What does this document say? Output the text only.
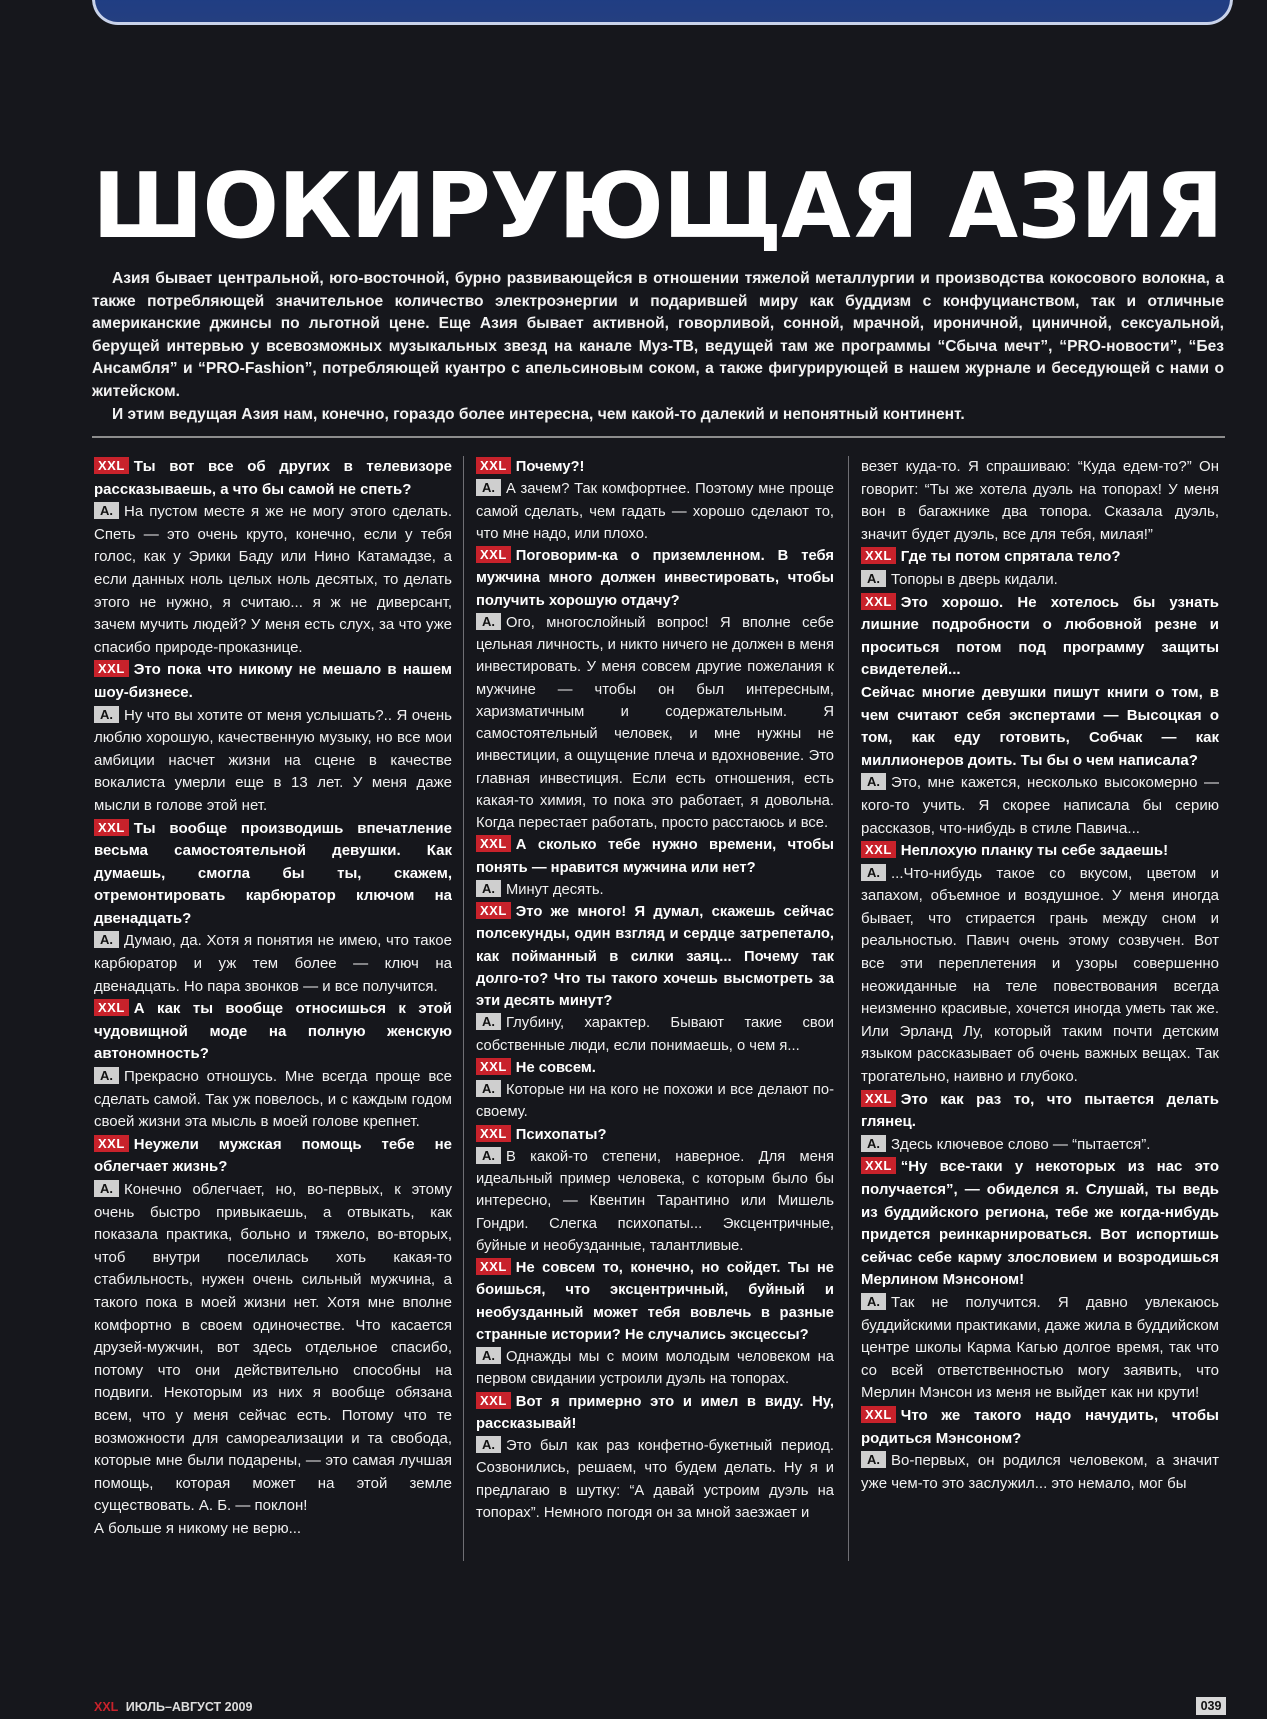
ШОКИРУЮЩАЯ АЗИЯ

Азия бывает центральной, юго-восточной, бурно развивающейся в отношении тяжелой металлургии и производства кокосового волокна, а также потребляющей значительное количество электроэнергии и подарившей миру как буддизм с конфуцианством, так и отличные американские джинсы по льготной цене. Еще Азия бывает активной, говорливой, сонной, мрачной, ироничной, циничной, сексуальной, берущей интервью у всевозможных музыкальных звезд на канале Муз-ТВ, ведущей там же программы “Сбыча мечт”, “PRO-новости”, “Без Ансамбля” и “PRO-Fashion”, потребляющей куантро с апельсиновым соком, а также фигурирующей в нашем журнале и беседующей с нами о житейском.

И этим ведущая Азия нам, конечно, гораздо более интересна, чем какой-то далекий и непонятный континент.

XXL Ты вот все об других в телевизоре рассказываешь, а что бы самой не спеть?

А. На пустом месте я же не могу этого сделать. Спеть — это очень круто, конечно, если у тебя голос, как у Эрики Баду или Нино Катамадзе, а если данных ноль целых ноль десятых, то делать этого не нужно, я считаю... я ж не диверсант, зачем мучить людей? У меня есть слух, за что уже спасибо природе-проказнице.

XXL Это пока что никому не мешало в нашем шоу-бизнесе.

А. Ну что вы хотите от меня услышать?.. Я очень люблю хорошую, качественную музыку, но все мои амбиции насчет жизни на сцене в качестве вокалиста умерли еще в 13 лет. У меня даже мысли в голове этой нет.

XXL Ты вообще производишь впечатление весьма самостоятельной девушки. Как думаешь, смогла бы ты, скажем, отремонтировать карбюратор ключом на двенадцать?

А. Думаю, да. Хотя я понятия не имею, что такое карбюратор и уж тем более — ключ на двенадцать. Но пара звонков — и все получится.

XXL А как ты вообще относишься к этой чудовищной моде на полную женскую автономность?

А. Прекрасно отношусь. Мне всегда проще все сделать самой. Так уж повелось, и с каждым годом своей жизни эта мысль в моей голове крепнет.

XXL Неужели мужская помощь тебе не облегчает жизнь?

А. Конечно облегчает, но, во-первых, к этому очень быстро привыкаешь, а отвыкать, как показала практика, больно и тяжело, во-вторых, чтоб внутри поселилась хоть какая-то стабильность, нужен очень сильный мужчина, а такого пока в моей жизни нет. Хотя мне вполне комфортно в своем одиночестве. Что касается друзей-мужчин, вот здесь отдельное спасибо, потому что они действительно способны на подвиги. Некоторым из них я вообще обязана всем, что у меня сейчас есть. Потому что те возможности для самореализации и та свобода, которые мне были подарены, — это самая лучшая помощь, которая может на этой земле существовать. А. Б. — поклон!

А больше я никому не верю...

XXL Почему?!

А. А зачем? Так комфортнее. Поэтому мне проще самой сделать, чем гадать — хорошо сделают то, что мне надо, или плохо.

XXL Поговорим-ка о приземленном. В тебя мужчина много должен инвестировать, чтобы получить хорошую отдачу?

А. Ого, многослойный вопрос! Я вполне себе цельная личность, и никто ничего не должен в меня инвестировать. У меня совсем другие пожелания к мужчине — чтобы он был интересным, харизматичным и содержательным. Я самостоятельный человек, и мне нужны не инвестиции, а ощущение плеча и вдохновение. Это главная инвестиция. Если есть отношения, есть какая-то химия, то пока это работает, я довольна. Когда перестает работать, просто расстаюсь и все.

XXL А сколько тебе нужно времени, чтобы понять — нравится мужчина или нет?

А. Минут десять.

XXL Это же много! Я думал, скажешь сейчас полсекунды, один взгляд и сердце затрепетало, как пойманный в силки заяц... Почему так долго-то? Что ты такого хочешь высмотреть за эти десять минут?

А. Глубину, характер. Бывают такие свои собственные люди, если понимаешь, о чем я...

XXL Не совсем.

А. Которые ни на кого не похожи и все делают по-своему.

XXL Психопаты?

А. В какой-то степени, наверное. Для меня идеальный пример человека, с которым было бы интересно, — Квентин Тарантино или Мишель Гондри. Слегка психопаты... Эксцентричные, буйные и необузданные, талантливые.

XXL Не совсем то, конечно, но сойдет. Ты не боишься, что эксцентричный, буйный и необузданный может тебя вовлечь в разные странные истории? Не случались эксцессы?

А. Однажды мы с моим молодым человеком на первом свидании устроили дуэль на топорах.

XXL Вот я примерно это и имел в виду. Ну, рассказывай!

А. Это был как раз конфетно-букетный период. Созвонились, решаем, что будем делать. Ну я и предлагаю в шутку: “А давай устроим дуэль на топорах”. Немного погодя он за мной заезжает и

везет куда-то. Я спрашиваю: “Куда едем-то?” Он говорит: “Ты же хотела дуэль на топорах! У меня вон в багажнике два топора. Сказала дуэль, значит будет дуэль, все для тебя, милая!”

XXL Где ты потом спрятала тело?

А. Топоры в дверь кидали.

XXL Это хорошо. Не хотелось бы узнать лишние подробности о любовной резне и проситься потом под программу защиты свидетелей...

Сейчас многие девушки пишут книги о том, в чем считают себя экспертами — Высоцкая о том, как еду готовить, Собчак — как миллионеров доить. Ты бы о чем написала?

А. Это, мне кажется, несколько высокомерно — кого-то учить. Я скорее написала бы серию рассказов, что-нибудь в стиле Павича...

XXL Неплохую планку ты себе задаешь!

А. ...Что-нибудь такое со вкусом, цветом и запахом, объемное и воздушное. У меня иногда бывает, что стирается грань между сном и реальностью. Павич очень этому созвучен. Вот все эти переплетения и узоры совершенно неожиданные на теле повествования всегда неизменно красивые, хочется иногда уметь так же. Или Эрланд Лу, который таким почти детским языком рассказывает об очень важных вещах. Так трогательно, наивно и глубоко.

XXL Это как раз то, что пытается делать глянец.

А. Здесь ключевое слово — “пытается”.

XXL “Ну все-таки у некоторых из нас это получается”, — обиделся я. Слушай, ты ведь из буддийского региона, тебе же когда-нибудь придется реинкарнироваться. Вот испортишь сейчас себе карму злословием и возродишься Мерлином Мэнсоном!

А. Так не получится. Я давно увлекаюсь буддийскими практиками, даже жила в буддийском центре школы Карма Кагью долгое время, так что со всей ответственностью могу заявить, что Мерлин Мэнсон из меня не выйдет как ни крути!

XXL Что же такого надо начудить, чтобы родиться Мэнсоном?

А. Во-первых, он родился человеком, а значит уже чем-то это заслужил... это немало, мог бы

XXL ИЮЛЬ–АВГУСТ 2009	039
